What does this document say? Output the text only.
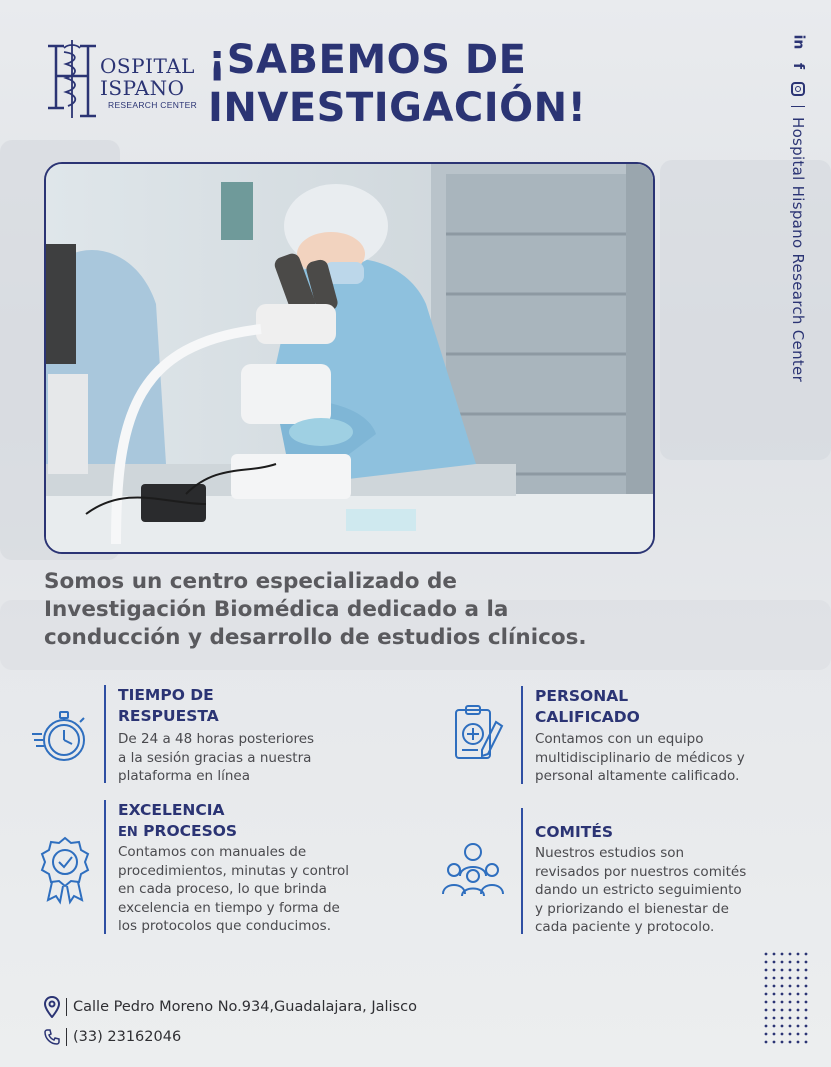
OSPITAL
ISPANO
RESEARCH CENTER
¡SABEMOS DE
INVESTIGACIÓN!
in
f
Hospital Hispano Research Center
Somos un centro especializado de
Investigación Biomédica dedicado a la
conducción y desarrollo de estudios clínicos.
TIEMPO DE
RESPUESTA
De 24 a 48 horas posteriores
a la sesión gracias a nuestra
plataforma en línea
PERSONAL
CALIFICADO
Contamos con un equipo
multidisciplinario de médicos y
personal altamente calificado.
EXCELENCIA
EN PROCESOS
Contamos con manuales de
procedimientos, minutas y control
en cada proceso, lo que brinda
excelencia en tiempo y forma de
los protocolos que conducimos.
COMITÉS
Nuestros estudios son
revisados por nuestros comités
dando un estricto seguimiento
y priorizando el bienestar de
cada paciente y protocolo.
Calle Pedro Moreno No.934,Guadalajara, Jalisco
(33) 23162046
